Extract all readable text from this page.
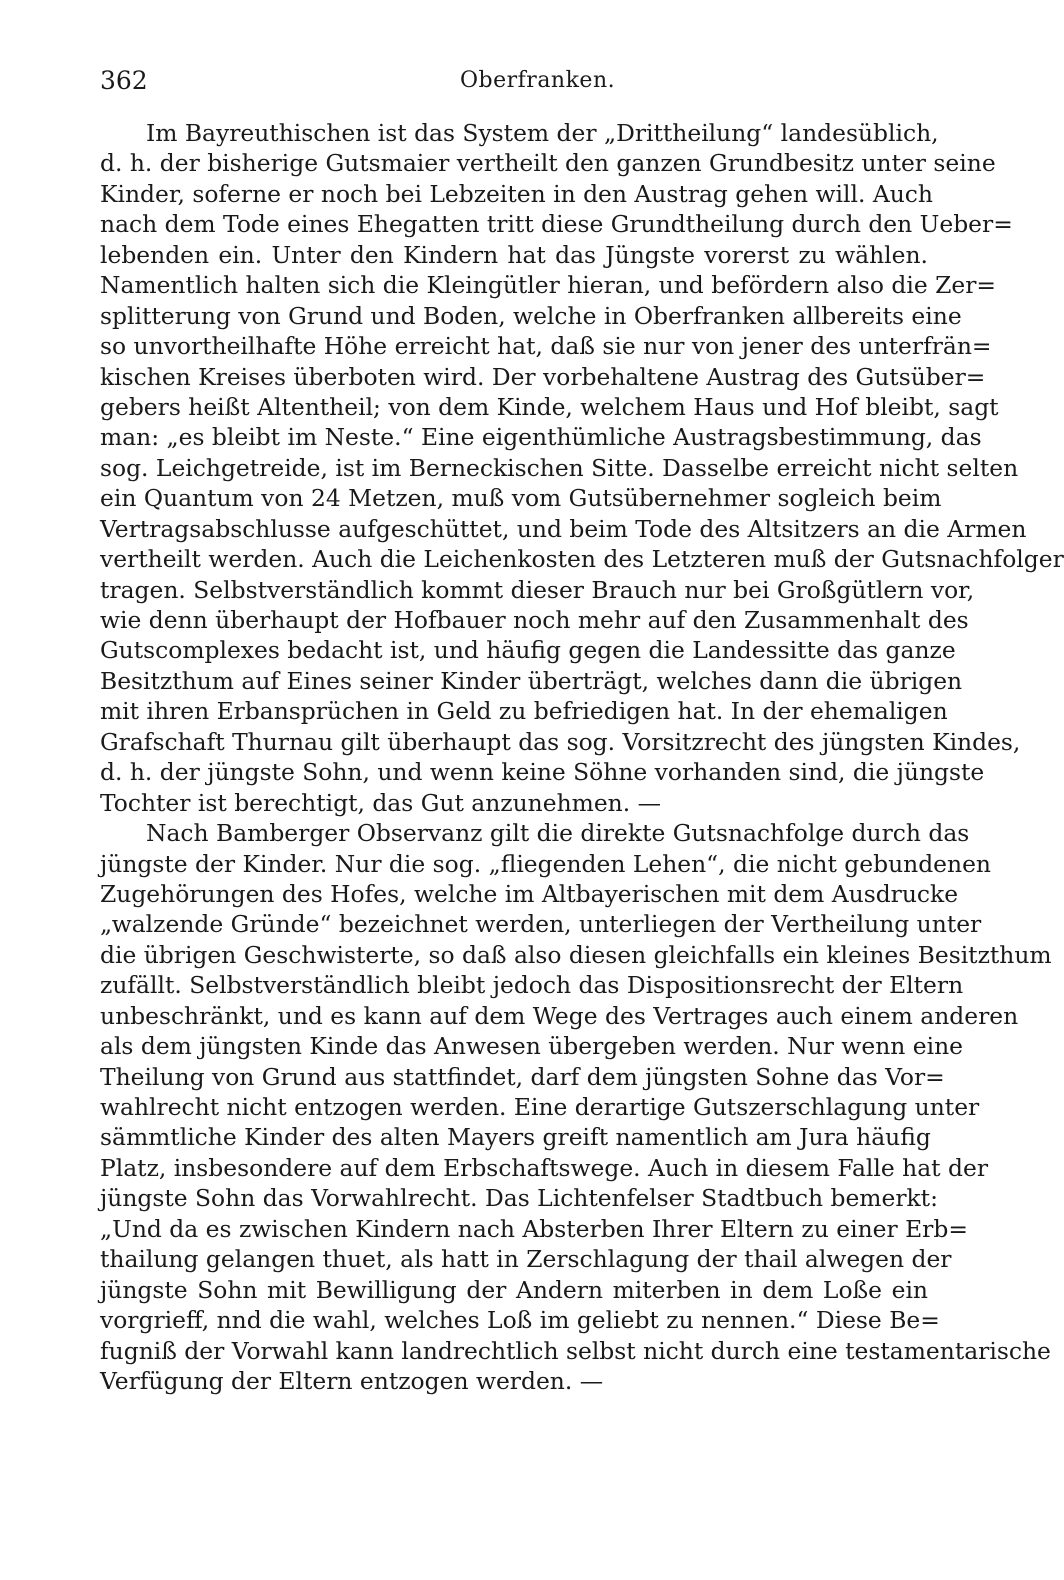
362	Oberfranken.
Im Bayreuthischen ist das System der „Drittheilung“ landesüblich,
d. h. der bisherige Gutsmaier vertheilt den ganzen Grundbesitz unter seine
Kinder, soferne er noch bei Lebzeiten in den Austrag gehen will. Auch
nach dem Tode eines Ehegatten tritt diese Grundtheilung durch den Ueber=
lebenden ein. Unter den Kindern hat das Jüngste vorerst zu wählen.
Namentlich halten sich die Kleingütler hieran, und befördern also die Zer=
splitterung von Grund und Boden, welche in Oberfranken allbereits eine
so unvortheilhafte Höhe erreicht hat, daß sie nur von jener des unterfrän=
kischen Kreises überboten wird. Der vorbehaltene Austrag des Gutsüber=
gebers heißt Altentheil; von dem Kinde, welchem Haus und Hof bleibt, sagt
man: „es bleibt im Neste.“ Eine eigenthümliche Austragsbestimmung, das
sog. Leichgetreide, ist im Berneckischen Sitte. Dasselbe erreicht nicht selten
ein Quantum von 24 Metzen, muß vom Gutsübernehmer sogleich beim
Vertragsabschlusse aufgeschüttet, und beim Tode des Altsitzers an die Armen
vertheilt werden. Auch die Leichenkosten des Letzteren muß der Gutsnachfolger
tragen. Selbstverständlich kommt dieser Brauch nur bei Großgütlern vor,
wie denn überhaupt der Hofbauer noch mehr auf den Zusammenhalt des
Gutscomplexes bedacht ist, und häufig gegen die Landessitte das ganze
Besitzthum auf Eines seiner Kinder überträgt, welches dann die übrigen
mit ihren Erbansprüchen in Geld zu befriedigen hat. In der ehemaligen
Grafschaft Thurnau gilt überhaupt das sog. Vorsitzrecht des jüngsten Kindes,
d. h. der jüngste Sohn, und wenn keine Söhne vorhanden sind, die jüngste
Tochter ist berechtigt, das Gut anzunehmen. —
Nach Bamberger Observanz gilt die direkte Gutsnachfolge durch das
jüngste der Kinder. Nur die sog. „fliegenden Lehen“, die nicht gebundenen
Zugehörungen des Hofes, welche im Altbayerischen mit dem Ausdrucke
„walzende Gründe“ bezeichnet werden, unterliegen der Vertheilung unter
die übrigen Geschwisterte, so daß also diesen gleichfalls ein kleines Besitzthum
zufällt. Selbstverständlich bleibt jedoch das Dispositionsrecht der Eltern
unbeschränkt, und es kann auf dem Wege des Vertrages auch einem anderen
als dem jüngsten Kinde das Anwesen übergeben werden. Nur wenn eine
Theilung von Grund aus stattfindet, darf dem jüngsten Sohne das Vor=
wahlrecht nicht entzogen werden. Eine derartige Gutszerschlagung unter
sämmtliche Kinder des alten Mayers greift namentlich am Jura häufig
Platz, insbesondere auf dem Erbschaftswege. Auch in diesem Falle hat der
jüngste Sohn das Vorwahlrecht. Das Lichtenfelser Stadtbuch bemerkt:
„Und da es zwischen Kindern nach Absterben Ihrer Eltern zu einer Erb=
thailung gelangen thuet, als hatt in Zerschlagung der thail alwegen der
jüngste Sohn mit Bewilligung der Andern miterben in dem Loße ein
vorgrieff, nnd die wahl, welches Loß im geliebt zu nennen.“ Diese Be=
fugniß der Vorwahl kann landrechtlich selbst nicht durch eine testamentarische
Verfügung der Eltern entzogen werden. —
